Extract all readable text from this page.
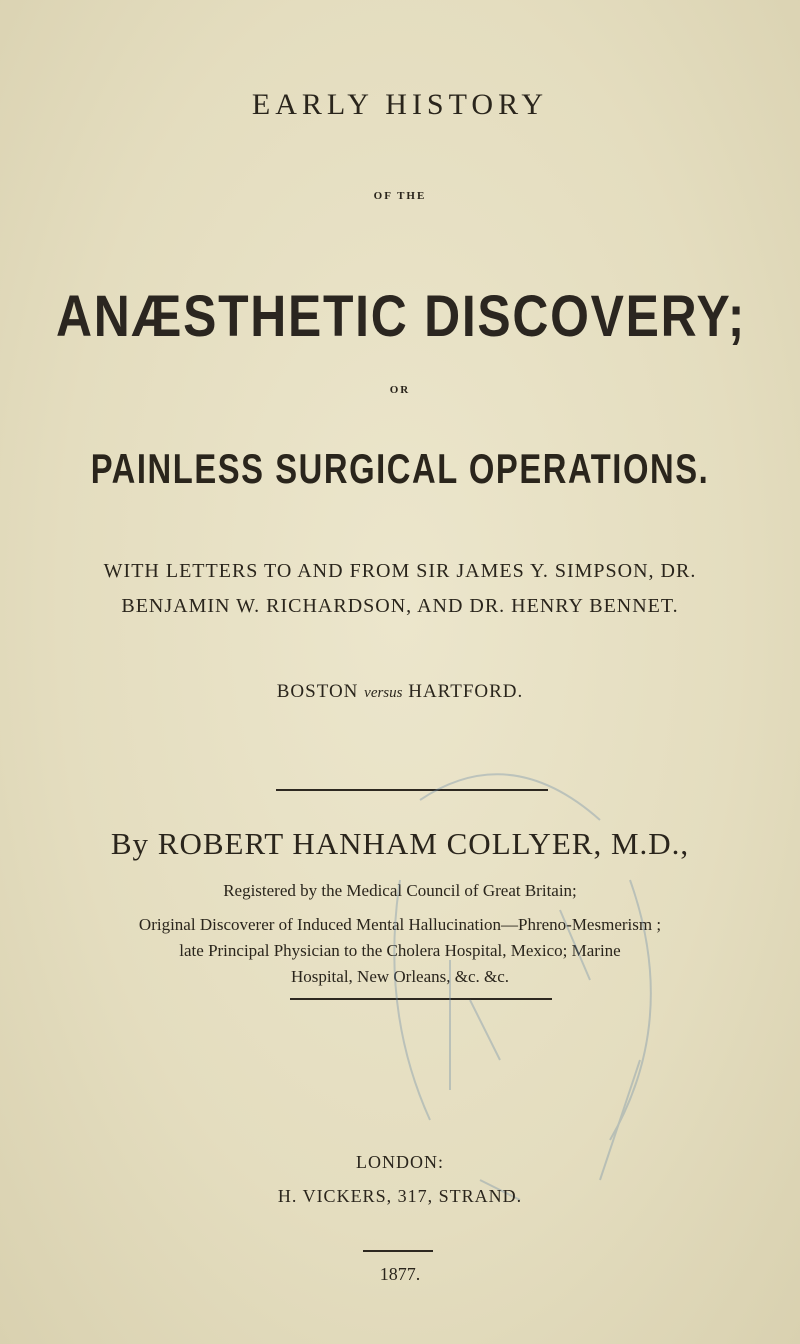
EARLY HISTORY
OF THE
ANÆSTHETIC DISCOVERY;
OR
PAINLESS SURGICAL OPERATIONS.
WITH LETTERS TO AND FROM SIR JAMES Y. SIMPSON, DR.
BENJAMIN W. RICHARDSON, AND DR. HENRY BENNET.
BOSTON versus HARTFORD.
By ROBERT HANHAM COLLYER, M.D.,
Registered by the Medical Council of Great Britain;
Original Discoverer of Induced Mental Hallucination—Phreno-Mesmerism ;
late Principal Physician to the Cholera Hospital, Mexico; Marine
Hospital, New Orleans, &c. &c.
LONDON:
H. VICKERS, 317, STRAND.
1877.
